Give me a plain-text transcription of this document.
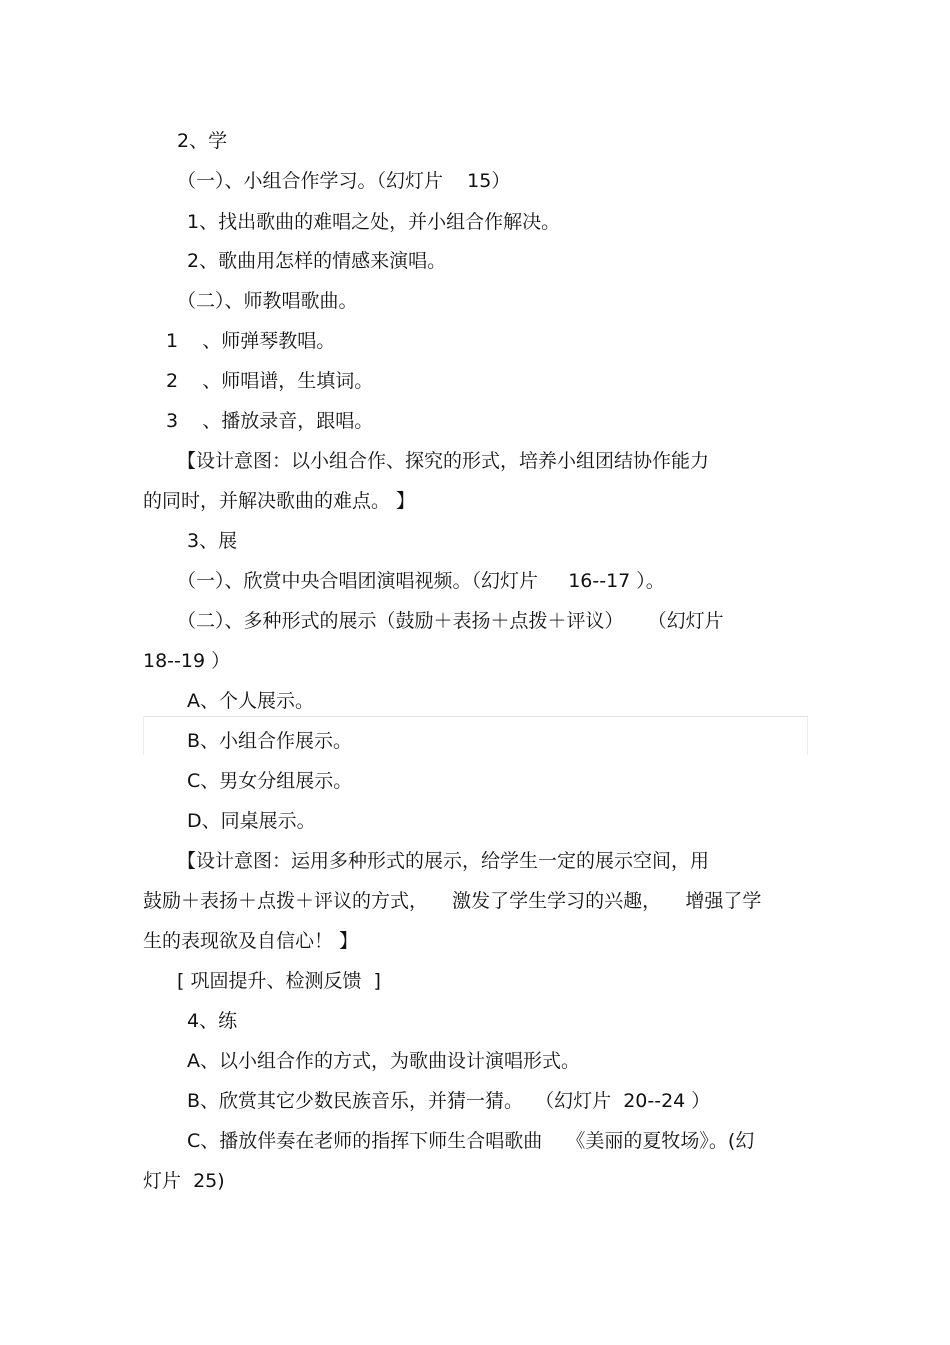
2、学
（一）、小组合作学习。（幻灯片    15）
1、找出歌曲的难唱之处，并小组合作解决。
2、歌曲用怎样的情感来演唱。
（二）、师教唱歌曲。
1    、师弹琴教唱。
2    、师唱谱，生填词。
3    、播放录音，跟唱。
【设计意图：以小组合作、探究的形式，培养小组团结协作能力
的同时，并解决歌曲的难点。 】
3、展
（一）、欣赏中央合唱团演唱视频。（幻灯片     16--17 ）。
（二）、多种形式的展示（鼓励＋表扬＋点拨＋评议）    （幻灯片
18--19 ）
A、个人展示。
B、小组合作展示。
C、男女分组展示。
D、同桌展示。
【设计意图：运用多种形式的展示，给学生一定的展示空间，用
鼓励＋表扬＋点拨＋评议的方式，    激发了学生学习的兴趣，    增强了学
生的表现欲及自信心！ 】
[ 巩固提升、检测反馈  ]
4、练
A、以小组合作的方式，为歌曲设计演唱形式。
B、欣赏其它少数民族音乐，并猜一猜。  （幻灯片  20--24 ）
C、播放伴奏在老师的指挥下师生合唱歌曲    《美丽的夏牧场》。(幻
灯片  25)
